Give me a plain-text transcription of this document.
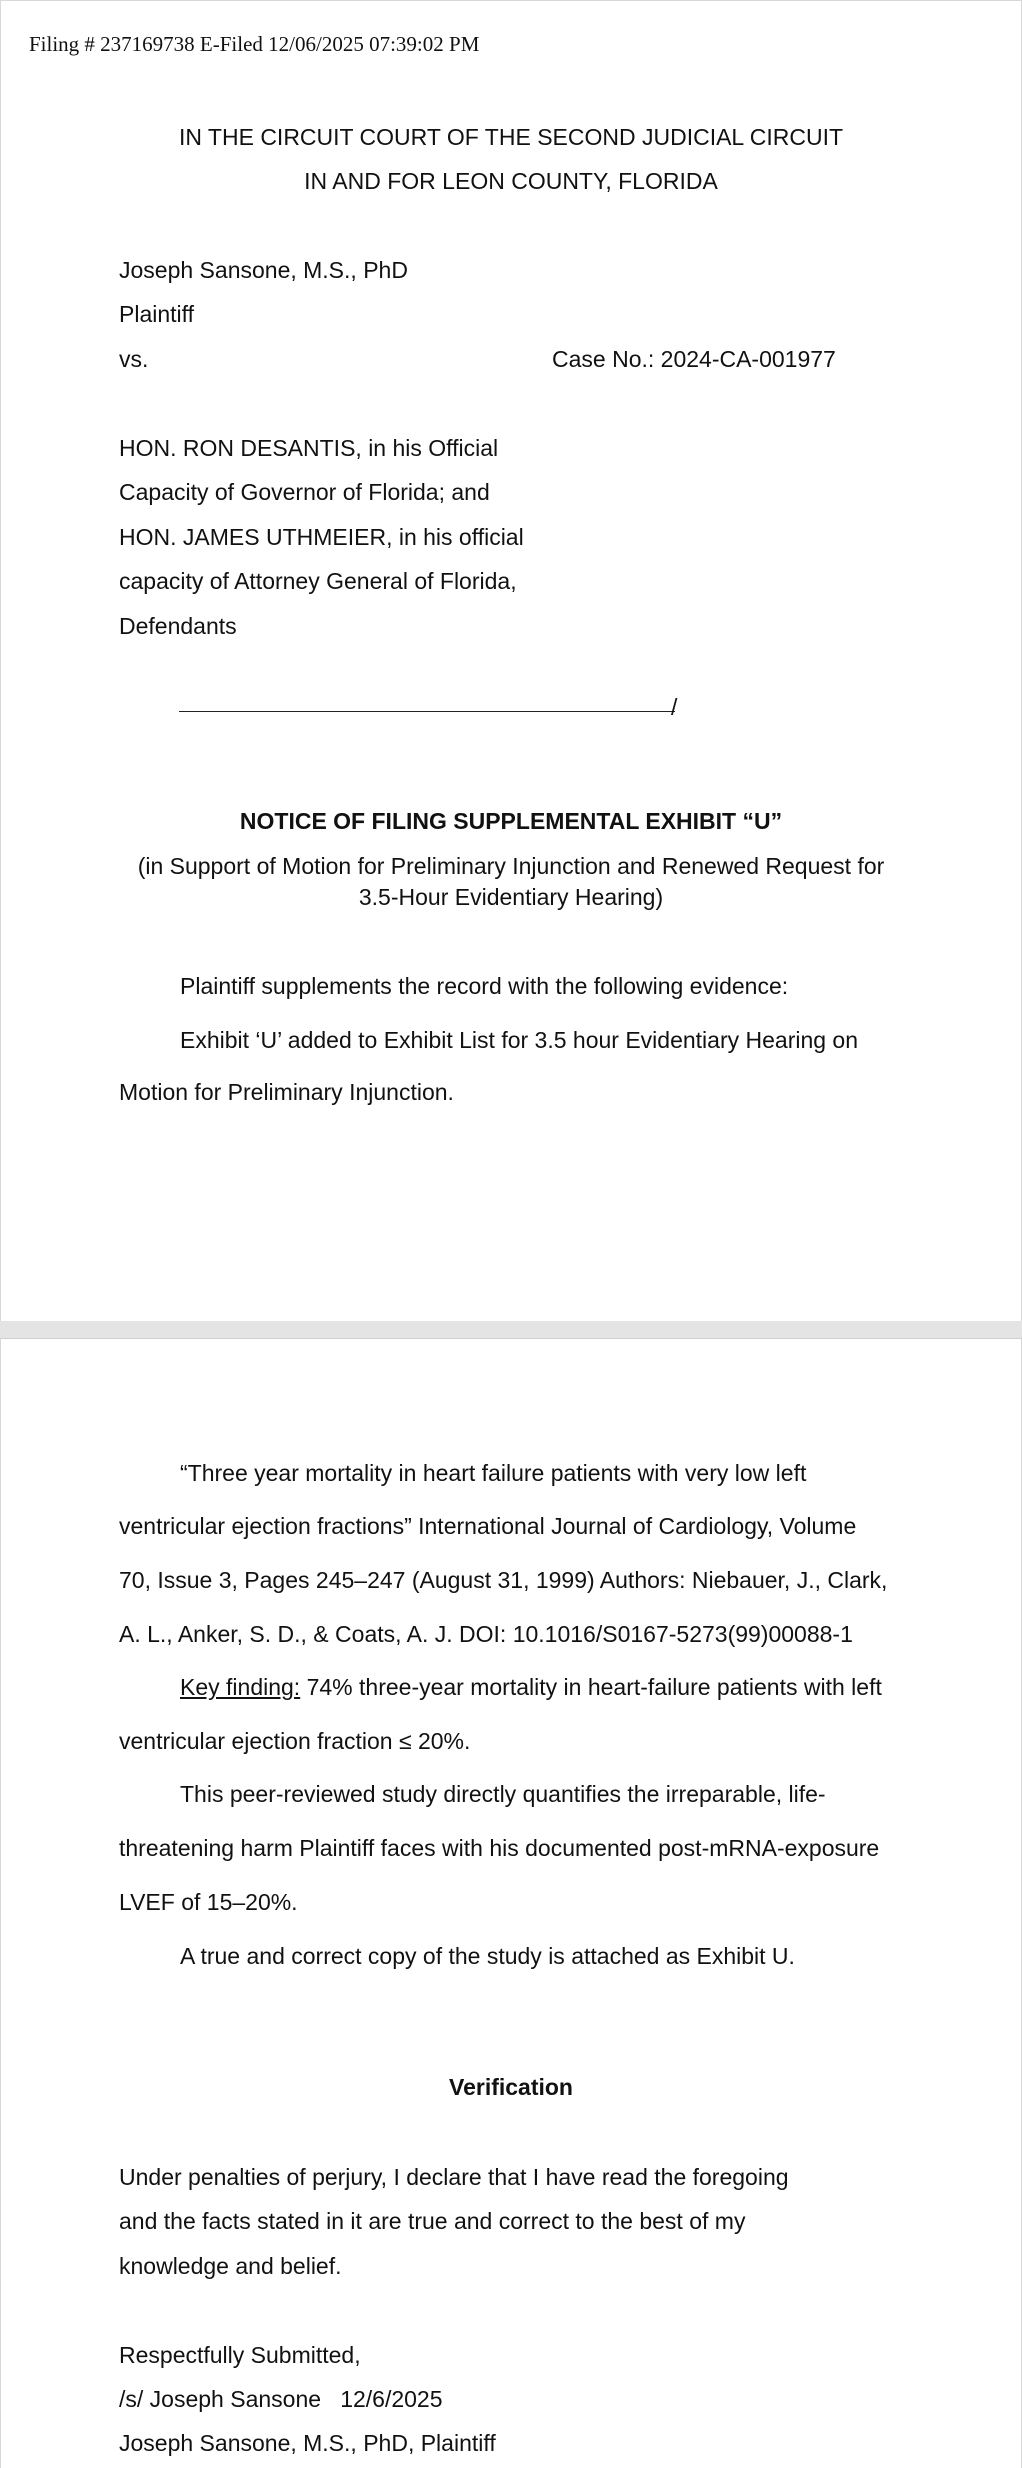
Filing # 237169738 E-Filed 12/06/2025 07:39:02 PM

IN THE CIRCUIT COURT OF THE SECOND JUDICIAL CIRCUIT

IN AND FOR LEON COUNTY, FLORIDA

Joseph Sansone, M.S., PhD

Plaintiff

vs.	Case No.: 2024-CA-001977

HON. RON DESANTIS, in his Official

Capacity of Governor of Florida; and

HON. JAMES UTHMEIER, in his official

capacity of Attorney General of Florida,

Defendants

/

NOTICE OF FILING SUPPLEMENTAL EXHIBIT “U”

(in Support of Motion for Preliminary Injunction and Renewed Request for

3.5-Hour Evidentiary Hearing)

Plaintiff supplements the record with the following evidence:

Exhibit ‘U’ added to Exhibit List for 3.5 hour Evidentiary Hearing on

Motion for Preliminary Injunction.

“Three year mortality in heart failure patients with very low left

ventricular ejection fractions” International Journal of Cardiology, Volume

70, Issue 3, Pages 245–247 (August 31, 1999) Authors: Niebauer, J., Clark,

A. L., Anker, S. D., & Coats, A. J. DOI: 10.1016/S0167-5273(99)00088-1

Key finding: 74% three-year mortality in heart-failure patients with left

ventricular ejection fraction ≤ 20%.

This peer-reviewed study directly quantifies the irreparable, life-

threatening harm Plaintiff faces with his documented post-mRNA-exposure

LVEF of 15–20%.

A true and correct copy of the study is attached as Exhibit U.

Verification

Under penalties of perjury, I declare that I have read the foregoing

and the facts stated in it are true and correct to the best of my

knowledge and belief.

Respectfully Submitted,

/s/ Joseph Sansone   12/6/2025

Joseph Sansone, M.S., PhD, Plaintiff
